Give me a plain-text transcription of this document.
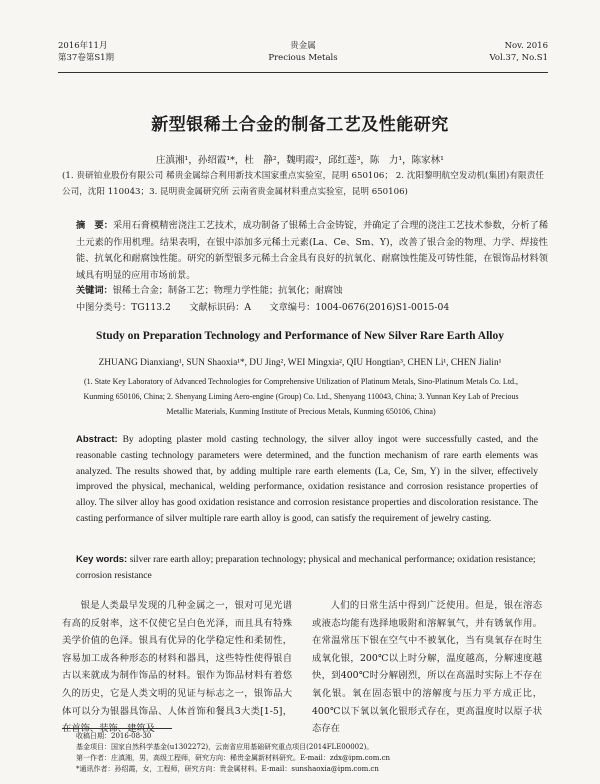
2016年11月
第37卷第S1期
贵金属
Precious Metals
Nov. 2016
Vol.37, No.S1
新型银稀土合金的制备工艺及性能研究
庄滇湘¹，孙绍霞¹*，杜　静²，魏明霞²，邱红莲³，陈　力¹，陈家林¹
(1. 贵研铂业股份有限公司 稀贵金属综合利用新技术国家重点实验室，昆明 650106； 2. 沈阳黎明航空发动机(集团)有限责任公司，沈阳 110043；3. 昆明贵金属研究所 云南省贵金属材料重点实验室，昆明 650106)
摘　要：采用石膏模精密浇注工艺技术，成功制备了银稀土合金铸锭，并确定了合理的浇注工艺技术参数，分析了稀土元素的作用机理。结果表明，在银中添加多元稀土元素(La、Ce、Sm、Y)，改善了银合金的物理、力学、焊接性能、抗氧化和耐腐蚀性能。研究的新型银多元稀土合金具有良好的抗氧化、耐腐蚀性能及可铸性能，在银饰品材料领域具有明显的应用市场前景。
关键词：银稀土合金；制备工艺；物理力学性能；抗氧化；耐腐蚀
中图分类号：TG113.2　　文献标识码：A　　文章编号：1004-0676(2016)S1-0015-04
Study on Preparation Technology and Performance of New Silver Rare Earth Alloy
ZHUANG Dianxiang¹, SUN Shaoxia¹*, DU Jing², WEI Mingxia², QIU Hongtian³, CHEN Li¹, CHEN Jialin¹
(1. State Key Laboratory of Advanced Technologies for Comprehensive Utilization of Platinum Metals, Sino-Platinum Metals Co. Ltd., Kunming 650106, China; 2. Shenyang Liming Aero-engine (Group) Co. Ltd., Shenyang 110043, China; 3. Yunnan Key Lab of Precious Metallic Materials, Kunming Institute of Precious Metals, Kunming 650106, China)
Abstract: By adopting plaster mold casting technology, the silver alloy ingot were successfully casted, and the reasonable casting technology parameters were determined, and the function mechanism of rare earth elements was analyzed. The results showed that, by adding multiple rare earth elements (La, Ce, Sm, Y) in the silver, effectively improved the physical, mechanical, welding performance, oxidation resistance and corrosion resistance properties of alloy. The silver alloy has good oxidation resistance and corrosion resistance properties and discoloration resistance. The casting performance of silver multiple rare earth alloy is good, can satisfy the requirement of jewelry casting.
Key words: silver rare earth alloy; preparation technology; physical and mechanical performance; oxidation resistance; corrosion resistance
银是人类最早发现的几种金属之一，银对可见光谱有高的反射率，这不仅使它呈白色光泽，而且具有特殊美学价值的色泽。银具有优异的化学稳定性和柔韧性，容易加工成各种形态的材料和器具，这些特性使得银自古以来就成为制作饰品的材料。银作为饰品材料有着悠久的历史，它是人类文明的见证与标志之一，银饰品大体可以分为银器具饰品、人体首饰和餐具3大类[1-5]，在首饰、装饰、建筑及
人们的日常生活中得到广泛使用。但是，银在溶态或液态均能有选择地吸附和溶解氧气，并有锈氧作用。在常温常压下银在空气中不被氧化，当有臭氧存在时生成氧化银，200℃以上时分解，温度越高，分解速度越快，到400℃时分解剧烈，所以在高温时实际上不存在氧化银。氧在固态银中的溶解度与压力平方成正比，400℃以下氧以氧化银形式存在，更高温度时以原子状态存在
收稿日期：2016-08-30
基金项目：国家自然科学基金(u1302272)，云南省应用基础研究重点项目(2014FLE00002)。
第一作者：庄滇湘，男，高级工程师，研究方向：稀贵金属新材料研究。E-mail：zdx@ipm.com.cn
*通讯作者：孙绍霞，女，工程师，研究方向：贵金属材料。E-mail：sunshaoxia@ipm.com.cn
